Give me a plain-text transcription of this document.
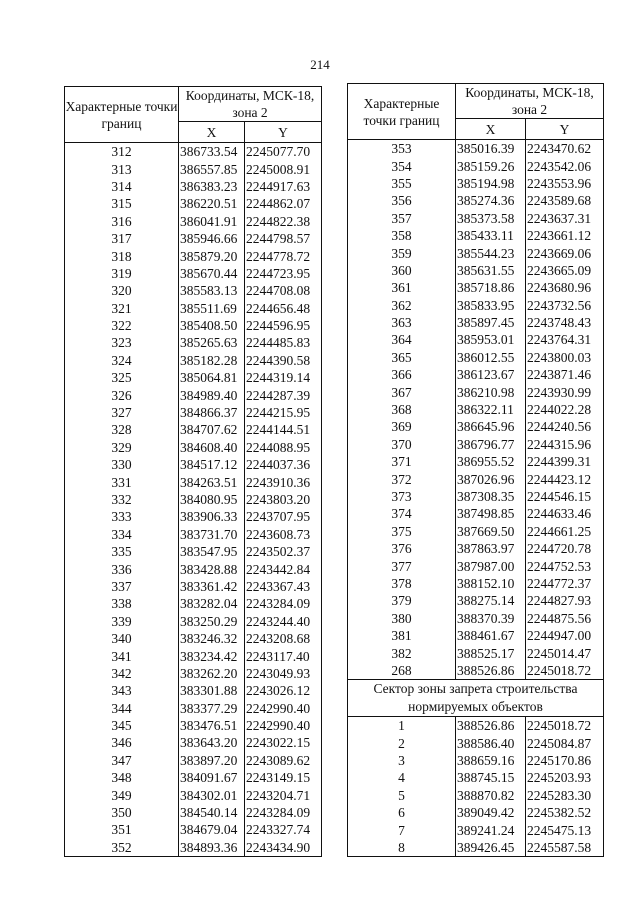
214
Характерные точки границ	Координаты, МСК-18, зона 2	
	X	Y
312	386733.54	2245077.70
313	386557.85	2245008.91
314	386383.23	2244917.63
315	386220.51	2244862.07
316	386041.91	2244822.38
317	385946.66	2244798.57
318	385879.20	2244778.72
319	385670.44	2244723.95
320	385583.13	2244708.08
321	385511.69	2244656.48
322	385408.50	2244596.95
323	385265.63	2244485.83
324	385182.28	2244390.58
325	385064.81	2244319.14
326	384989.40	2244287.39
327	384866.37	2244215.95
328	384707.62	2244144.51
329	384608.40	2244088.95
330	384517.12	2244037.36
331	384263.51	2243910.36
332	384080.95	2243803.20
333	383906.33	2243707.95
334	383731.70	2243608.73
335	383547.95	2243502.37
336	383428.88	2243442.84
337	383361.42	2243367.43
338	383282.04	2243284.09
339	383250.29	2243244.40
340	383246.32	2243208.68
341	383234.42	2243117.40
342	383262.20	2243049.93
343	383301.88	2243026.12
344	383377.29	2242990.40
345	383476.51	2242990.40
346	383643.20	2243022.15
347	383897.20	2243089.62
348	384091.67	2243149.15
349	384302.01	2243204.71
350	384540.14	2243284.09
351	384679.04	2243327.74
352	384893.36	2243434.90
Характерные точки границ	Координаты, МСК-18, зона 2	
	X	Y
353	385016.39	2243470.62
354	385159.26	2243542.06
355	385194.98	2243553.96
356	385274.36	2243589.68
357	385373.58	2243637.31
358	385433.11	2243661.12
359	385544.23	2243669.06
360	385631.55	2243665.09
361	385718.86	2243680.96
362	385833.95	2243732.56
363	385897.45	2243748.43
364	385953.01	2243764.31
365	386012.55	2243800.03
366	386123.67	2243871.46
367	386210.98	2243930.99
368	386322.11	2244022.28
369	386645.96	2244240.56
370	386796.77	2244315.96
371	386955.52	2244399.31
372	387026.96	2244423.12
373	387308.35	2244546.15
374	387498.85	2244633.46
375	387669.50	2244661.25
376	387863.97	2244720.78
377	387987.00	2244752.53
378	388152.10	2244772.37
379	388275.14	2244827.93
380	388370.39	2244875.56
381	388461.67	2244947.00
382	388525.17	2245014.47
268	388526.86	2245018.72
Сектор зоны запрета строительства нормируемых объектов		
1	388526.86	2245018.72
2	388586.40	2245084.87
3	388659.16	2245170.86
4	388745.15	2245203.93
5	388870.82	2245283.30
6	389049.42	2245382.52
7	389241.24	2245475.13
8	389426.45	2245587.58
